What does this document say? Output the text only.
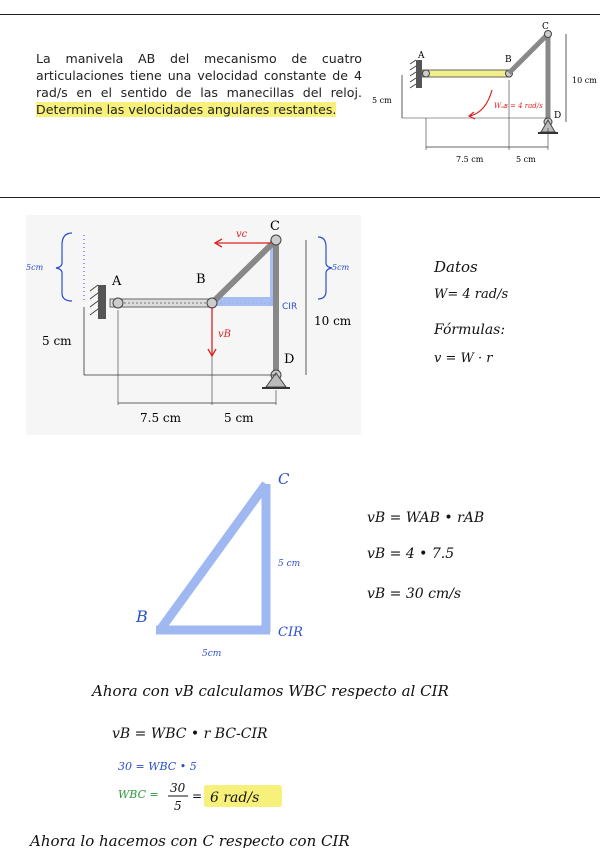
La manivela AB del mecanismo de cuatro articulaciones tiene una velocidad constante de 4 rad/s en el sentido de las manecillas del reloj. Determine las velocidades angulares restantes.
A	B
C
D
5 cm
10 cm
7.5 cm	5 cm
Wₐʙ = 4 rad/s
A	B
C
D
CIR
5 cm
10 cm
7.5 cm	5 cm
5cm	5cm
vc
vB
Datos
W= 4 rad/s
Fórmulas:
v = W · r
C
B
CIR
5 cm
5cm
vB = WAB • rAB
vB = 4 • 7.5
vB = 30 cm/s
Ahora con vB calculamos WBC respecto al CIR
vB = WBC • r BC-CIR
30 = WBC • 5
WBC = 30
5
= 6 rad/s
Ahora lo hacemos con C respecto con CIR
